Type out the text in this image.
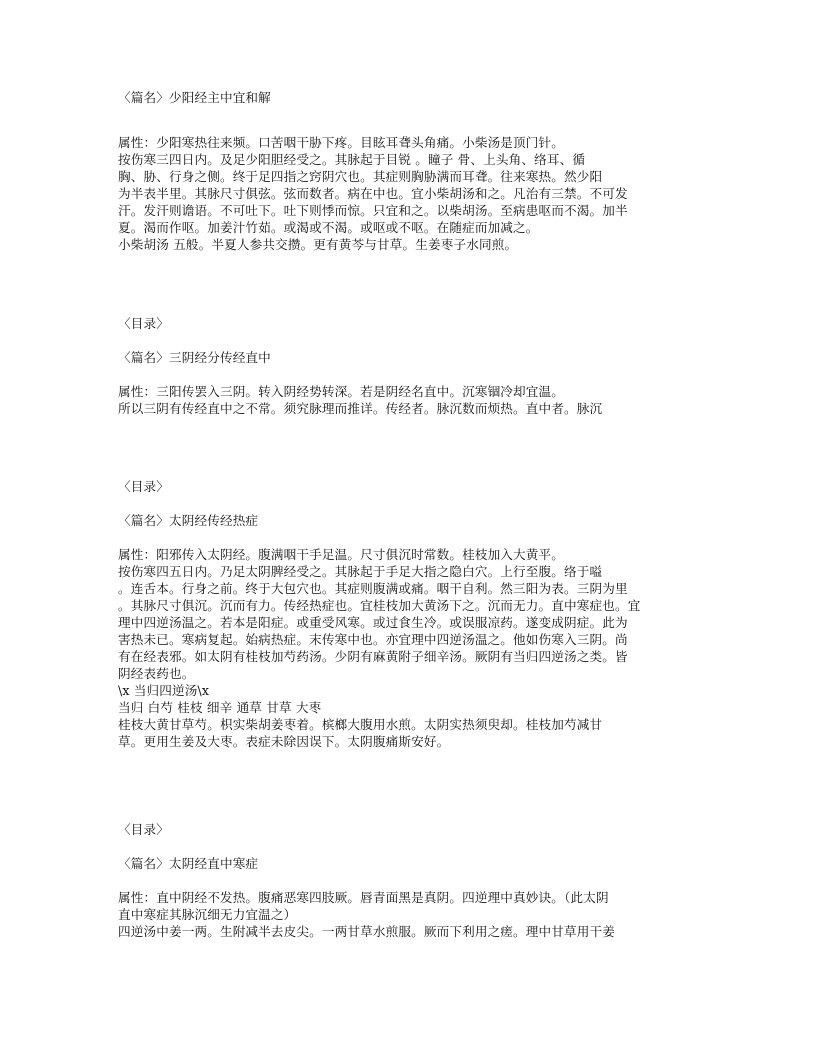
〈篇名〉少阳经主中宜和解
属性：少阳寒热往来频。口苦咽干胁下疼。目眩耳聋头角痛。小柴汤是顶门针。
按伤寒三四日内。及足少阳胆经受之。其脉起于目锐 。瞳子 骨、上头角、络耳、循
胸、胁、行身之侧。终于足四指之窍阴穴也。其症则胸胁满而耳聋。往来寒热。然少阳
为半表半里。其脉尺寸俱弦。弦而数者。病在中也。宜小柴胡汤和之。凡治有三禁。不可发
汗。发汗则谵语。不可吐下。吐下则悸而惊。只宜和之。以柴胡汤。至病患呕而不渴。加半
夏。渴而作呕。加姜汁竹茹。或渴或不渴。或呕或不呕。在随症而加减之。
小柴胡汤 五般。半夏人参共交攒。更有黄芩与甘草。生姜枣子水同煎。
〈目录〉
〈篇名〉三阴经分传经直中
属性：三阳传罢入三阴。转入阴经势转深。若是阴经名直中。沉寒锢冷却宜温。
所以三阴有传经直中之不常。须究脉理而推详。传经者。脉沉数而烦热。直中者。脉沉
〈目录〉
〈篇名〉太阴经传经热症
属性：阳邪传入太阴经。腹满咽干手足温。尺寸俱沉时常数。桂枝加入大黄平。
按伤寒四五日内。乃足太阴脾经受之。其脉起于手足大指之隐白穴。上行至腹。络于嗌
。连舌本。行身之前。终于大包穴也。其症则腹满或痛。咽干自利。然三阳为表。三阴为里
。其脉尺寸俱沉。沉而有力。传经热症也。宜桂枝加大黄汤下之。沉而无力。直中寒症也。宜
理中四逆汤温之。若本是阳症。或重受风寒。或过食生冷。或误服凉药。遂变成阴症。此为
害热未已。寒病复起。始病热症。末传寒中也。亦宜理中四逆汤温之。他如伤寒入三阴。尚
有在经表邪。如太阴有桂枝加芍药汤。少阴有麻黄附子细辛汤。厥阴有当归四逆汤之类。皆
阴经表药也。
\x 当归四逆汤\x
当归 白芍 桂枝 细辛 通草 甘草 大枣
桂枝大黄甘草芍。枳实柴胡姜枣着。槟榔大腹用水煎。太阴实热须臾却。桂枝加芍减甘
草。更用生姜及大枣。表症未除因误下。太阴腹痛斯安好。
〈目录〉
〈篇名〉太阴经直中寒症
属性：直中阴经不发热。腹痛恶寒四肢厥。唇青面黑是真阴。四逆理中真妙诀。（此太阴
直中寒症其脉沉细无力宜温之）
四逆汤中姜一两。生附减半去皮尖。一两甘草水煎服。厥而下利用之瘥。理中甘草用干姜
